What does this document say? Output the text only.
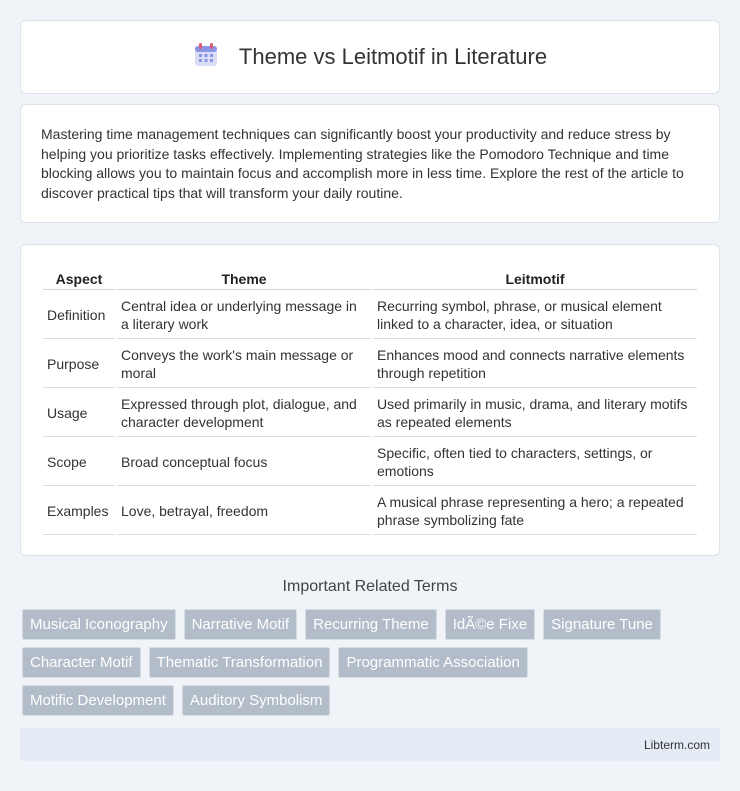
Theme vs Leitmotif in Literature

Mastering time management techniques can significantly boost your productivity and reduce stress by helping you prioritize tasks effectively. Implementing strategies like the Pomodoro Technique and time blocking allows you to maintain focus and accomplish more in less time. Explore the rest of the article to discover practical tips that will transform your daily routine.

Aspect	Theme	Leitmotif
Definition	Central idea or underlying message in a literary work	Recurring symbol, phrase, or musical element linked to a character, idea, or situation
Purpose	Conveys the work's main message or moral	Enhances mood and connects narrative elements through repetition
Usage	Expressed through plot, dialogue, and character development	Used primarily in music, drama, and literary motifs as repeated elements
Scope	Broad conceptual focus	Specific, often tied to characters, settings, or emotions
Examples	Love, betrayal, freedom	A musical phrase representing a hero; a repeated phrase symbolizing fate
Important Related Terms
Musical Iconography	Narrative Motif	Recurring Theme	IdÃ©e Fixe	Signature Tune
Character Motif	Thematic Transformation	Programmatic Association
Motific Development	Auditory Symbolism
Libterm.com
